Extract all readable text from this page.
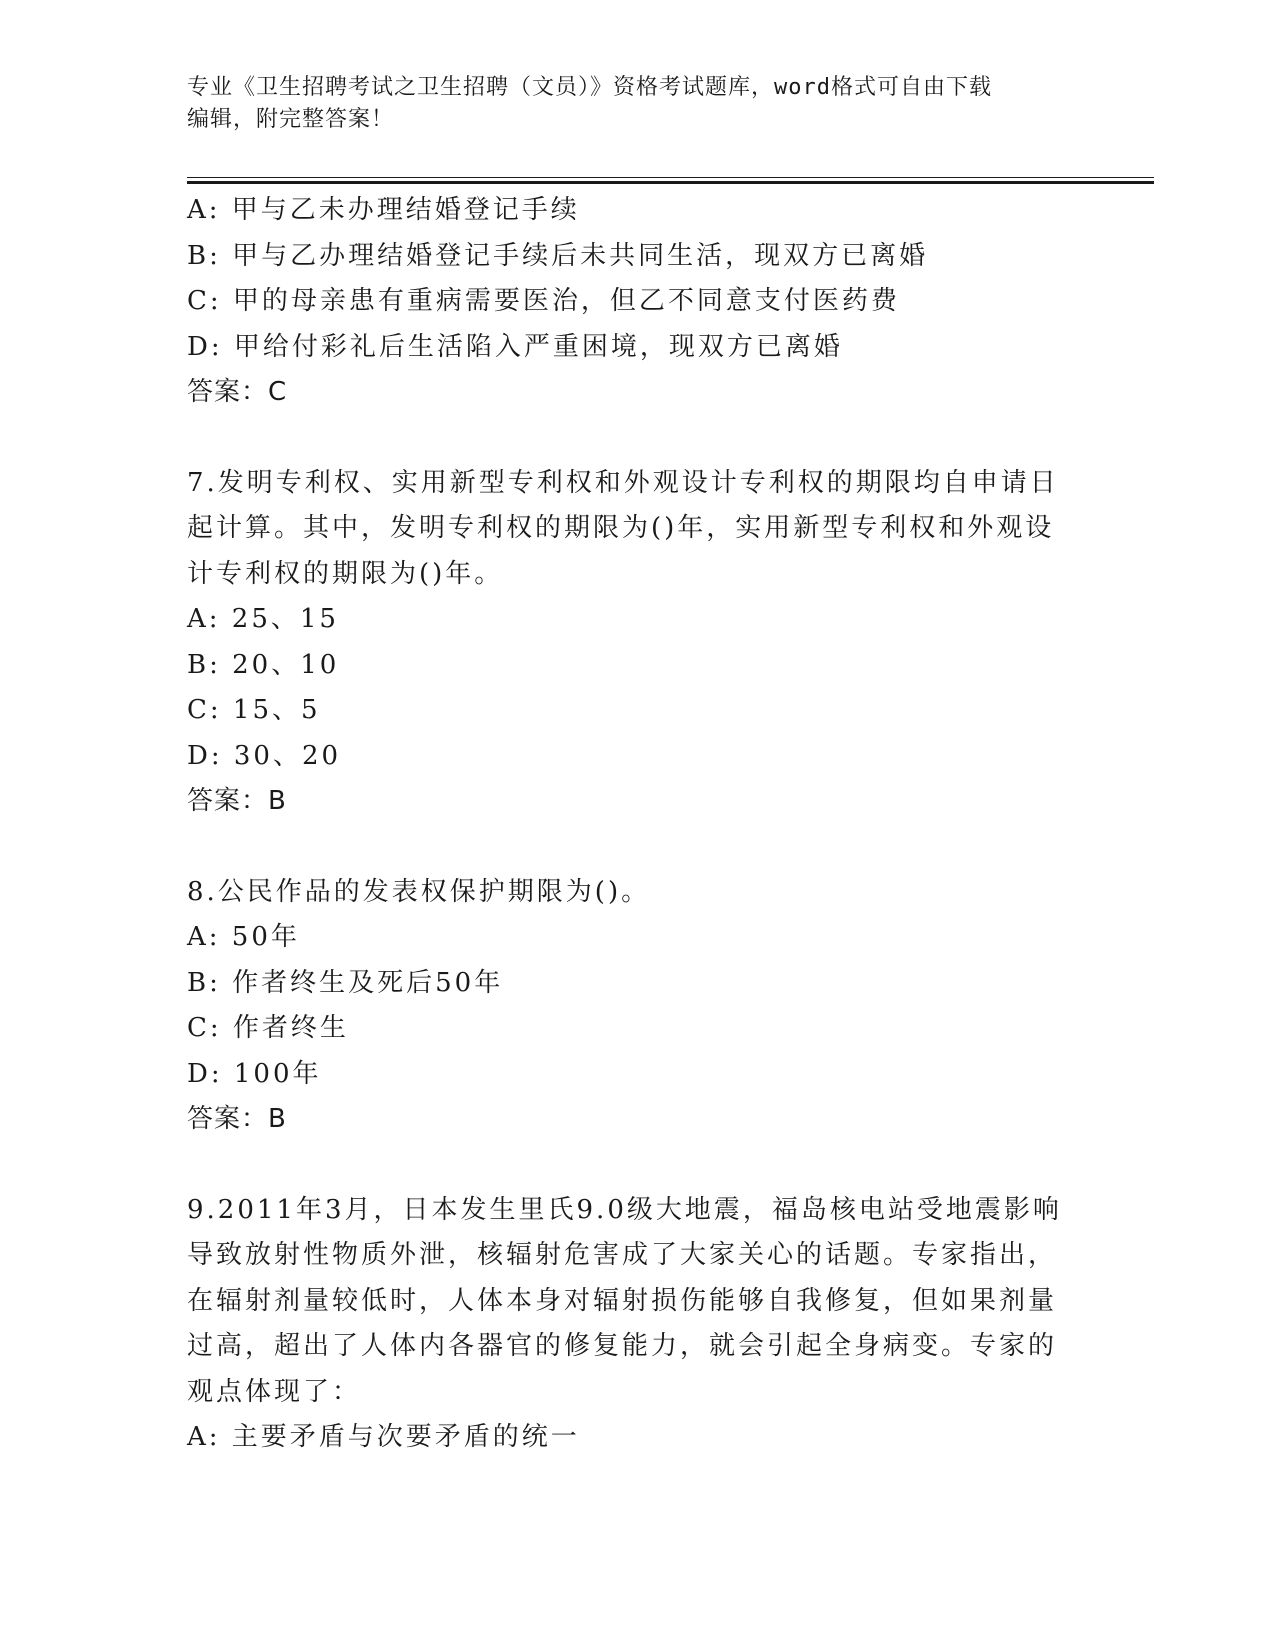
专业《卫生招聘考试之卫生招聘（文员）》资格考试题库，word格式可自由下载
编辑，附完整答案！
A: 甲与乙未办理结婚登记手续
B: 甲与乙办理结婚登记手续后未共同生活，现双方已离婚
C: 甲的母亲患有重病需要医治，但乙不同意支付医药费
D: 甲给付彩礼后生活陷入严重困境，现双方已离婚
答案：C
7.发明专利权、实用新型专利权和外观设计专利权的期限均自申请日
起计算。其中，发明专利权的期限为()年，实用新型专利权和外观设
计专利权的期限为()年。
A: 25、15
B: 20、10
C: 15、5
D: 30、20
答案：B
8.公民作品的发表权保护期限为()。
A: 50年
B: 作者终生及死后50年
C: 作者终生
D: 100年
答案：B
9.2011年3月，日本发生里氏9.0级大地震，福岛核电站受地震影响
导致放射性物质外泄，核辐射危害成了大家关心的话题。专家指出，
在辐射剂量较低时，人体本身对辐射损伤能够自我修复，但如果剂量
过高，超出了人体内各器官的修复能力，就会引起全身病变。专家的
观点体现了：
A: 主要矛盾与次要矛盾的统一
